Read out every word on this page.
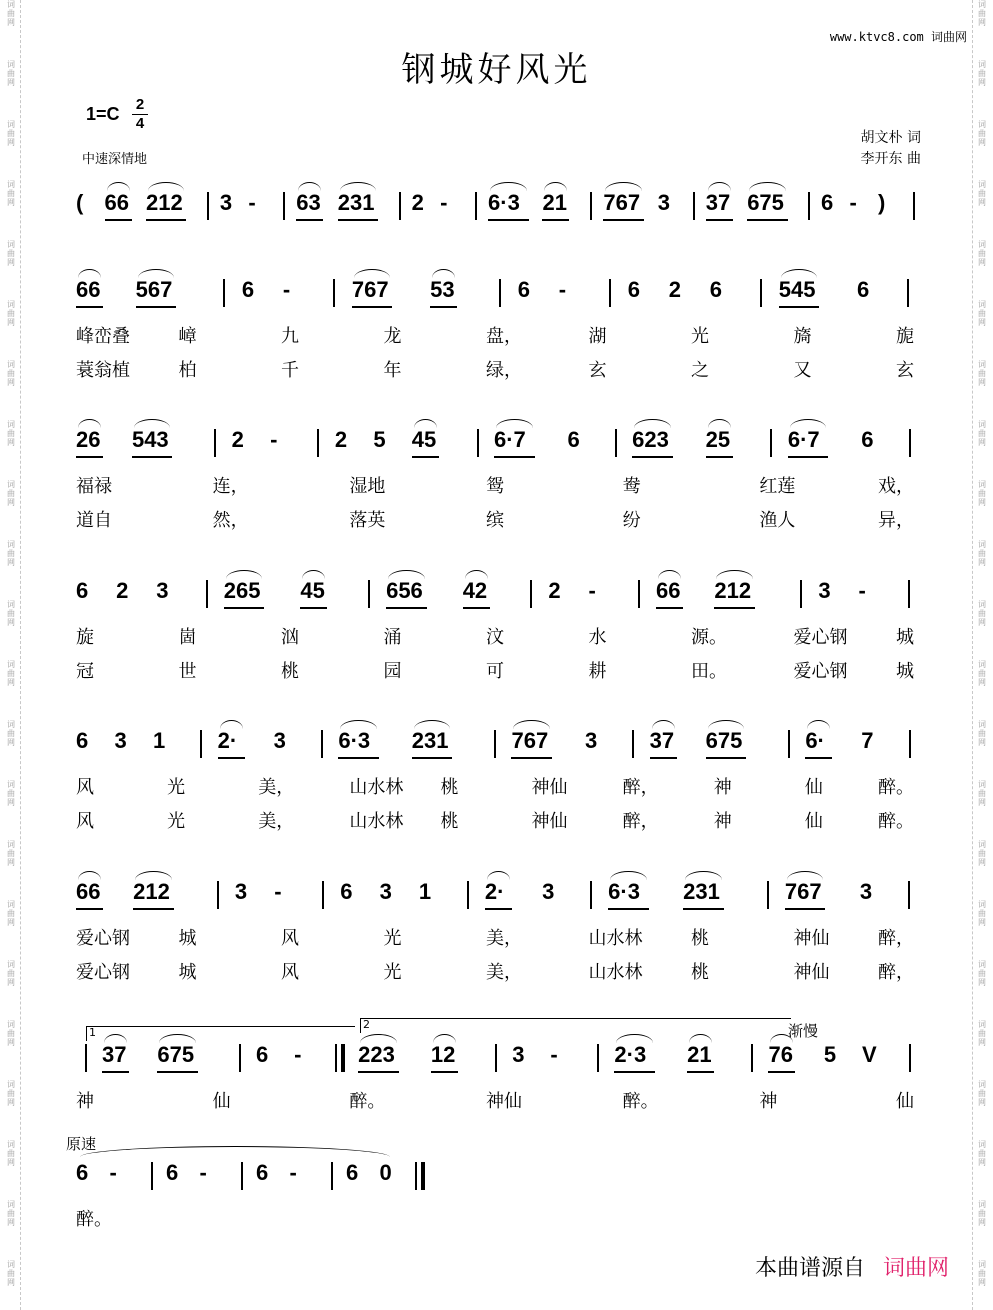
词
曲
网
词
曲
网
词
曲
网
词
曲
网
词
曲
网
词
曲
网
词
曲
网
词
曲
网
词
曲
网
词
曲
网
词
曲
网
词
曲
网
词
曲
网
词
曲
网
词
曲
网
词
曲
网
词
曲
网
词
曲
网
词
曲
网
词
曲
网
词
曲
网
词
曲
网
词
曲
网
词
曲
网
词
曲
网
词
曲
网
词
曲
网
词
曲
网
词
曲
网
词
曲
网
词
曲
网
词
曲
网
词
曲
网
词
曲
网
词
曲
网
词
曲
网
词
曲
网
词
曲
网
词
曲
网
词
曲
网
词
曲
网
词
曲
网
词
曲
网
词
曲
网
www.ktvc8.com 词曲网
钢城好风光
$1=C \frac{2}{4}$
中速深情地
胡文朴 词
李开东 曲
( 66 212 3 - 63 231 2 - 6·3 21 767 3 37 675 6 - )
66 567	6 -	767 53	6 -	6 2 6	545 6
峰峦叠	嶂	九	龙	盘，	湖	光	旖	旎
蓑翁植	柏	千	年	绿，	玄	之	又	玄
26 543	2 -	2 5 45	6·7 6 623 25	6·7 6
福禄	连，	湿地	鸳	鸯	红莲	戏，
道自	然，	落英	缤	纷	渔人	异，
6 2 3	265 45	656 42	2 -	66 212	3 -
旋	崮	汹	涌	汶	水	源。	爱心钢	城
冠	世	桃	园	可	耕	田。	爱心钢	城
6 3 1 2· 3 6·3 231	767 3 37 675	6· 7
风	光	美，	山水林 桃	神仙	醉，	神	仙	醉。
风	光	美，	山水林 桃	神仙	醉，	神	仙	醉。
66 212	3 -	6 3 1 2· 3 6·3 231	767 3
爱心钢	城	风	光	美，	山水林	桃	神仙	醉，
爱心钢	城	风	光	美，	山水林	桃	神仙	醉，
37 675	6 -	223 12	3 -	2·3 21	76 5 V
神	仙	醉。	神仙	醉。	神	仙
6 - 6 - 6 - 6 0
醉。
1
2	渐慢
原速
本曲谱源自 词曲网
